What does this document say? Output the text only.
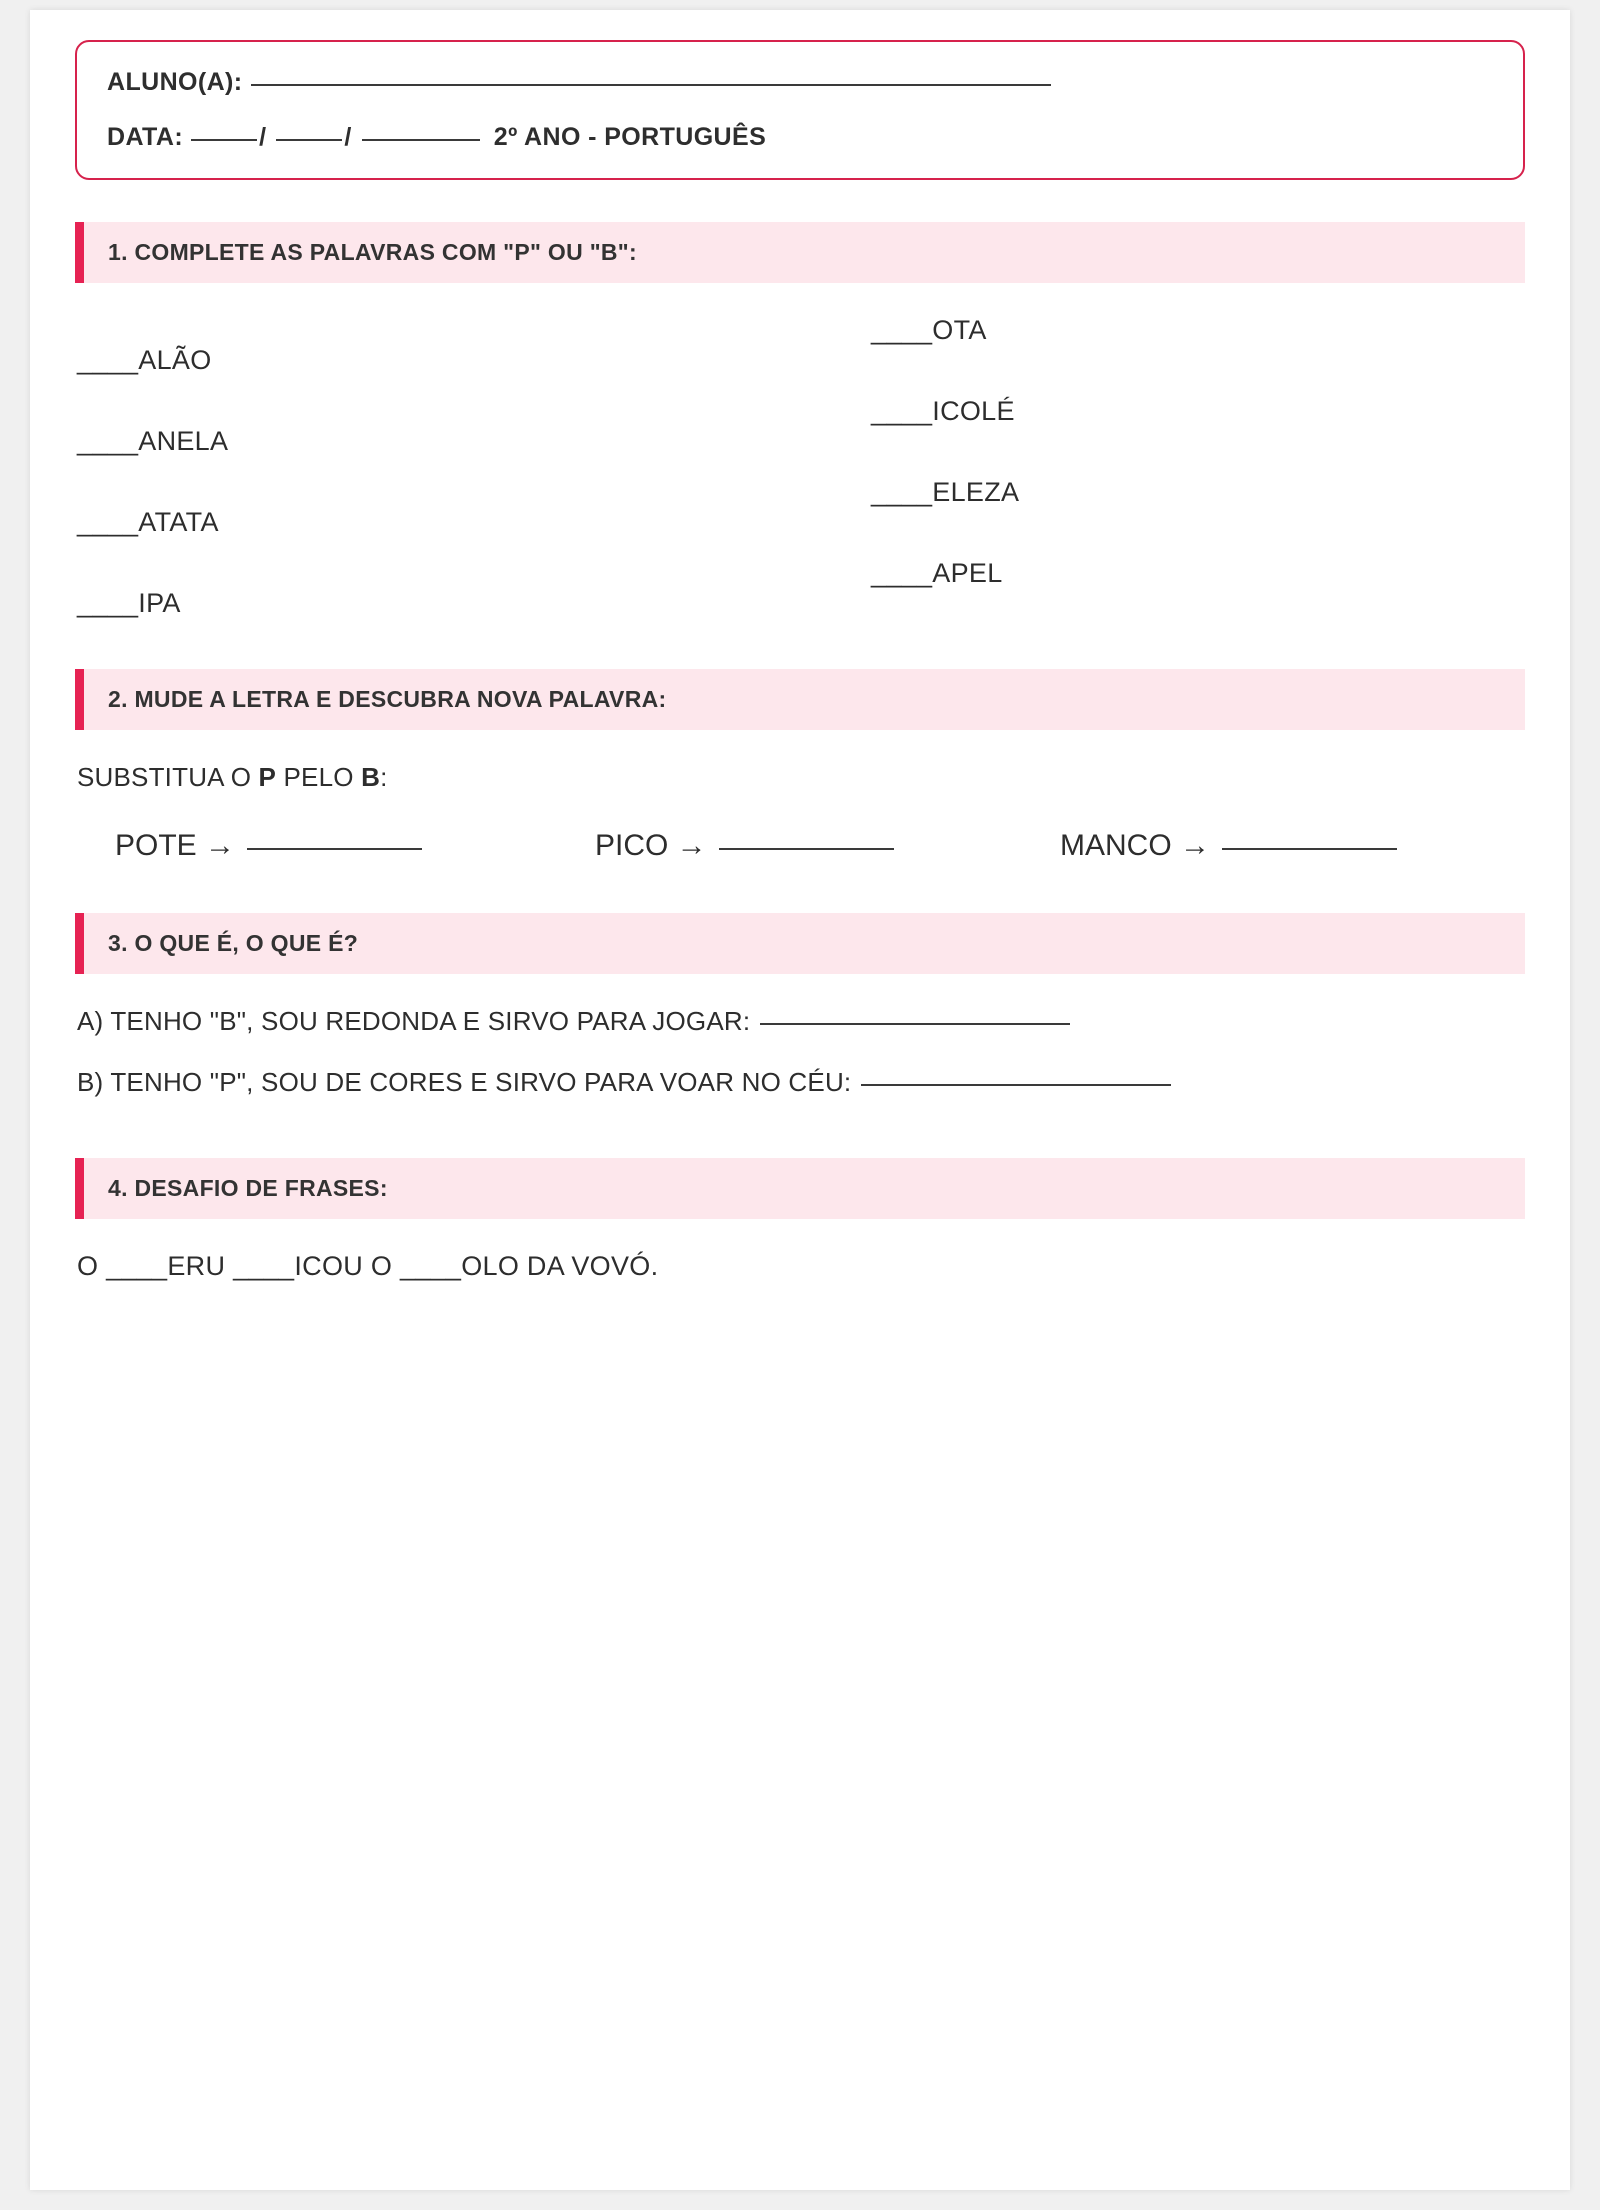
ALUNO(A):
DATA:	/	/	2º ANO - PORTUGUÊS
1. COMPLETE AS PALAVRAS COM "P" OU "B":
____ALÃO
____ANELA
____ATATA
____IPA
____OTA
____ICOLÉ
____ELEZA
____APEL
2. MUDE A LETRA E DESCUBRA NOVA PALAVRA:
SUBSTITUA O P PELO B:
POTE →	PICO →	MANCO →
3. O QUE É, O QUE É?
A) TENHO "B", SOU REDONDA E SIRVO PARA JOGAR:
B) TENHO "P", SOU DE CORES E SIRVO PARA VOAR NO CÉU:
4. DESAFIO DE FRASES:
O ____ERU ____ICOU O ____OLO DA VOVÓ.
